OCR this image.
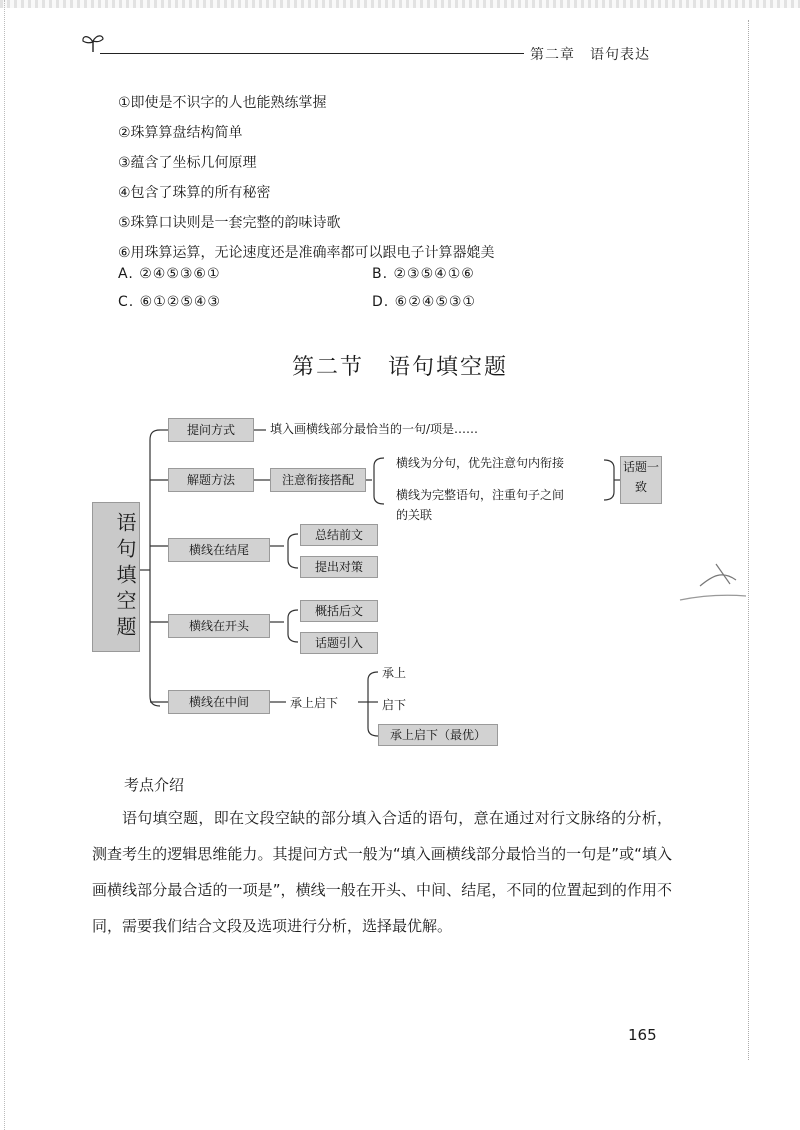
第二章　语句表达
①即使是不识字的人也能熟练掌握
②珠算算盘结构简单
③蕴含了坐标几何原理
④包含了珠算的所有秘密
⑤珠算口诀则是一套完整的韵味诗歌
⑥用珠算运算，无论速度还是准确率都可以跟电子计算器媲美
A. ②④⑤③⑥①	B. ②③⑤④①⑥
C. ⑥①②⑤④③	D. ⑥②④⑤③①
第二节　语句填空题
语句填空题
提问方式	填入画横线部分最恰当的一句/项是……
解题方法	注意衔接搭配
横线为分句，优先注意句内衔接
横线为完整语句，注重句子之间
的关联
话题一致
横线在结尾
总结前文
提出对策
横线在开头
概括后文
话题引入
横线在中间	承上启下
承上
启下
承上启下（最优）
考点介绍
语句填空题，即在文段空缺的部分填入合适的语句，意在通过对行文脉络的分析，测查考生的逻辑思维能力。其提问方式一般为“填入画横线部分最恰当的一句是”或“填入画横线部分最合适的一项是”，横线一般在开头、中间、结尾，不同的位置起到的作用不同，需要我们结合文段及选项进行分析，选择最优解。
165
